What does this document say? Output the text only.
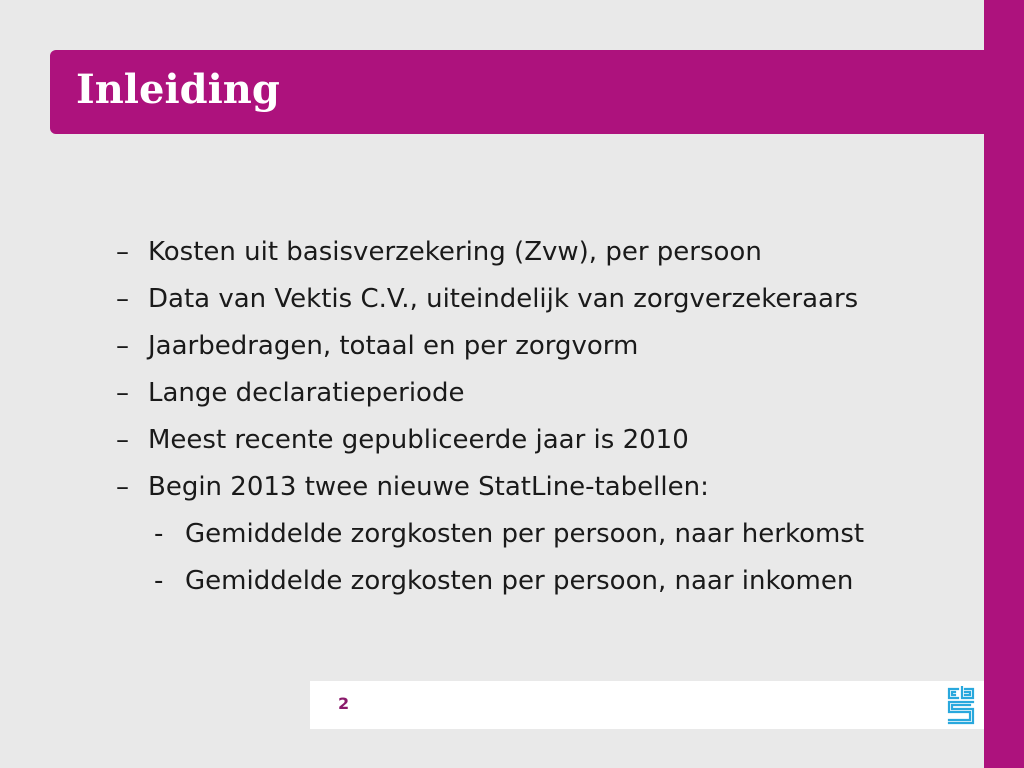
Inleiding
– Kosten uit basisverzekering (Zvw), per persoon
– Data van Vektis C.V., uiteindelijk van zorgverzekeraars
– Jaarbedragen, totaal en per zorgvorm
– Lange declaratieperiode
– Meest recente gepubliceerde jaar is 2010
– Begin 2013 twee nieuwe StatLine-tabellen:
- Gemiddelde zorgkosten per persoon, naar herkomst
- Gemiddelde zorgkosten per persoon, naar inkomen
2
